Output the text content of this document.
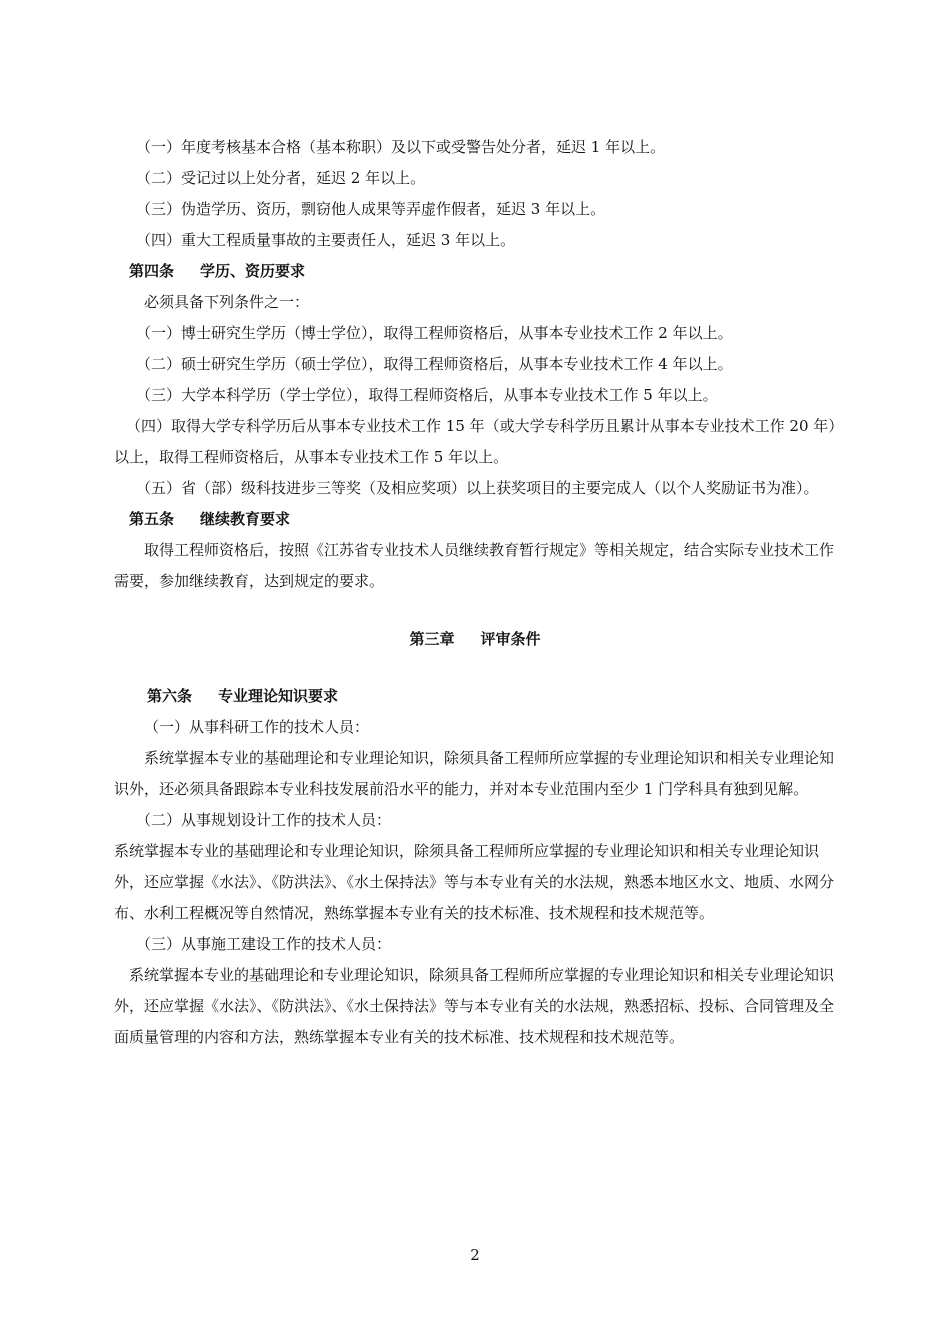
（一）年度考核基本合格（基本称职）及以下或受警告处分者，延迟 1 年以上。

（二）受记过以上处分者，延迟 2 年以上。

（三）伪造学历、资历，剽窃他人成果等弄虚作假者，延迟 3 年以上。

（四）重大工程质量事故的主要责任人，延迟 3 年以上。

第四条 学历、资历要求

必须具备下列条件之一：

（一）博士研究生学历（博士学位），取得工程师资格后，从事本专业技术工作 2 年以上。

（二）硕士研究生学历（硕士学位），取得工程师资格后，从事本专业技术工作 4 年以上。

（三）大学本科学历（学士学位），取得工程师资格后，从事本专业技术工作 5 年以上。

（四）取得大学专科学历后从事本专业技术工作 15 年（或大学专科学历且累计从事本专业技术工作 20 年）以上，取得工程师资格后，从事本专业技术工作 5 年以上。

（五）省（部）级科技进步三等奖（及相应奖项）以上获奖项目的主要完成人（以个人奖励证书为准）。

第五条 继续教育要求

取得工程师资格后，按照《江苏省专业技术人员继续教育暂行规定》等相关规定，结合实际专业技术工作需要，参加继续教育，达到规定的要求。

第三章 评审条件

第六条 专业理论知识要求

（一）从事科研工作的技术人员：

系统掌握本专业的基础理论和专业理论知识，除须具备工程师所应掌握的专业理论知识和相关专业理论知识外，还必须具备跟踪本专业科技发展前沿水平的能力，并对本专业范围内至少 1 门学科具有独到见解。

（二）从事规划设计工作的技术人员：

系统掌握本专业的基础理论和专业理论知识，除须具备工程师所应掌握的专业理论知识和相关专业理论知识外，还应掌握《水法》、《防洪法》、《水土保持法》等与本专业有关的水法规，熟悉本地区水文、地质、水网分布、水利工程概况等自然情况，熟练掌握本专业有关的技术标准、技术规程和技术规范等。

（三）从事施工建设工作的技术人员：

系统掌握本专业的基础理论和专业理论知识，除须具备工程师所应掌握的专业理论知识和相关专业理论知识外，还应掌握《水法》、《防洪法》、《水土保持法》等与本专业有关的水法规，熟悉招标、投标、合同管理及全面质量管理的内容和方法，熟练掌握本专业有关的技术标准、技术规程和技术规范等。

2
